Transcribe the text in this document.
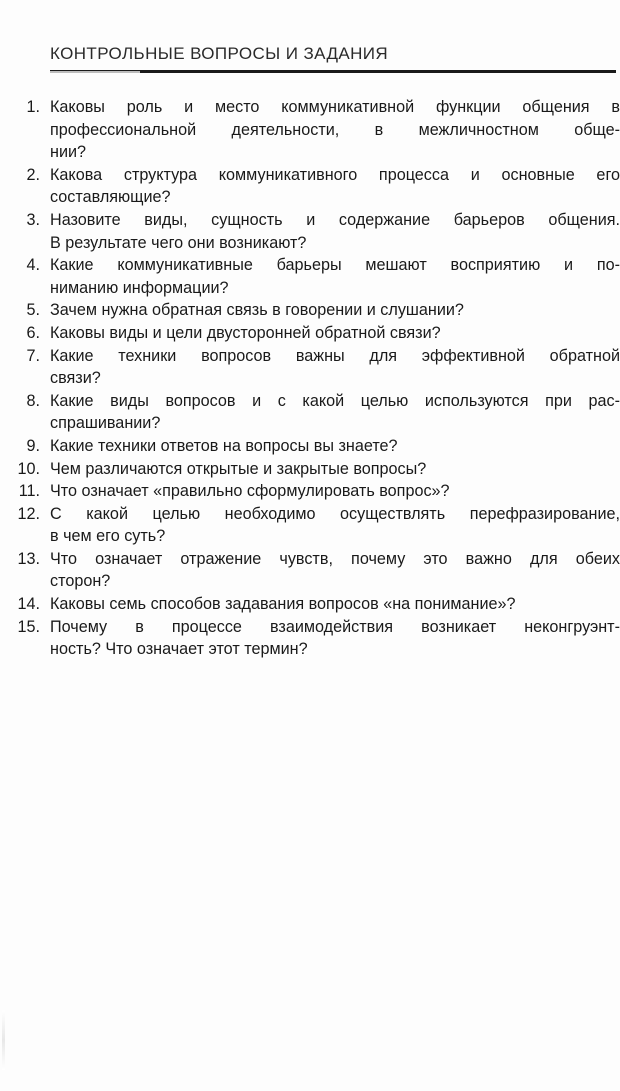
КОНТРОЛЬНЫЕ ВОПРОСЫ И ЗАДАНИЯ
1. Каковы роль и место коммуникативной функции общения в
профессиональной деятельности, в межличностном обще-
нии?
2. Какова структура коммуникативного процесса и основные его
составляющие?
3. Назовите виды, сущность и содержание барьеров общения.
В результате чего они возникают?
4. Какие коммуникативные барьеры мешают восприятию и по-
ниманию информации?
5. Зачем нужна обратная связь в говорении и слушании?
6. Каковы виды и цели двусторонней обратной связи?
7. Какие техники вопросов важны для эффективной обратной
связи?
8. Какие виды вопросов и с какой целью используются при рас-
спрашивании?
9. Какие техники ответов на вопросы вы знаете?
10. Чем различаются открытые и закрытые вопросы?
11. Что означает «правильно сформулировать вопрос»?
12. С какой целью необходимо осуществлять перефразирование,
в чем его суть?
13. Что означает отражение чувств, почему это важно для обеих
сторон?
14. Каковы семь способов задавания вопросов «на понимание»?
15. Почему в процессе взаимодействия возникает неконгруэнт-
ность? Что означает этот термин?
